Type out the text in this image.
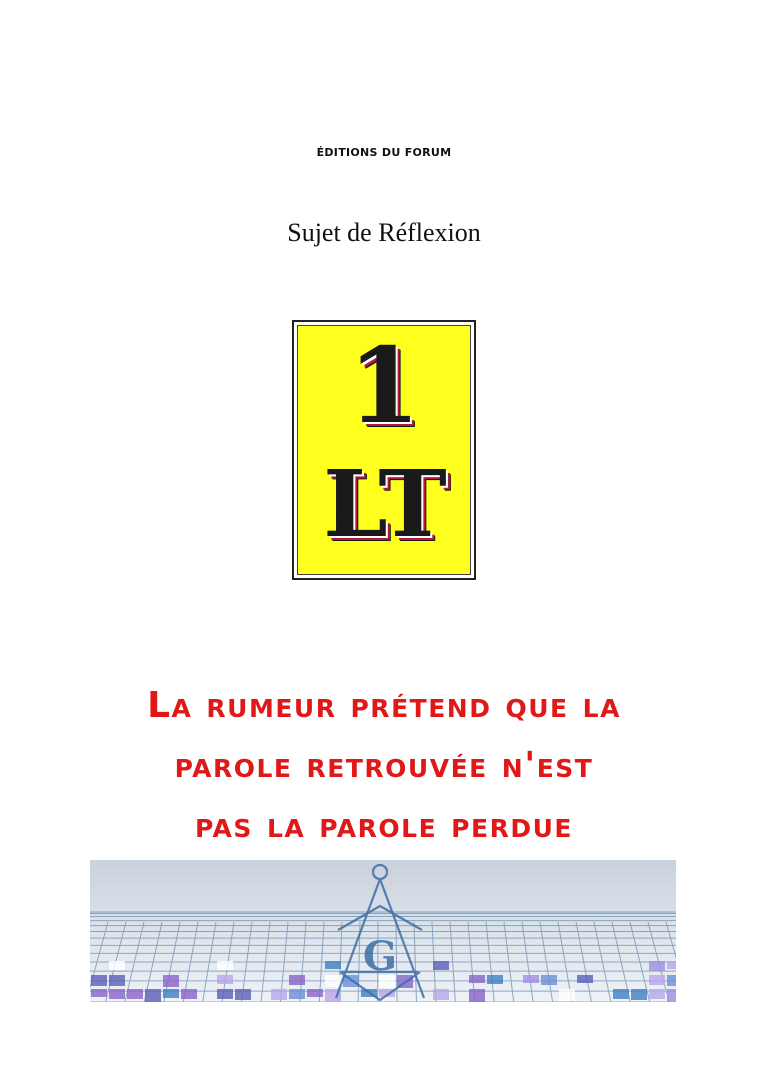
ÉDITIONS DU FORUM
Sujet de Réflexion
1
LT
La rumeur prétend que la
parole retrouvée n'est
pas la parole perdue
G
